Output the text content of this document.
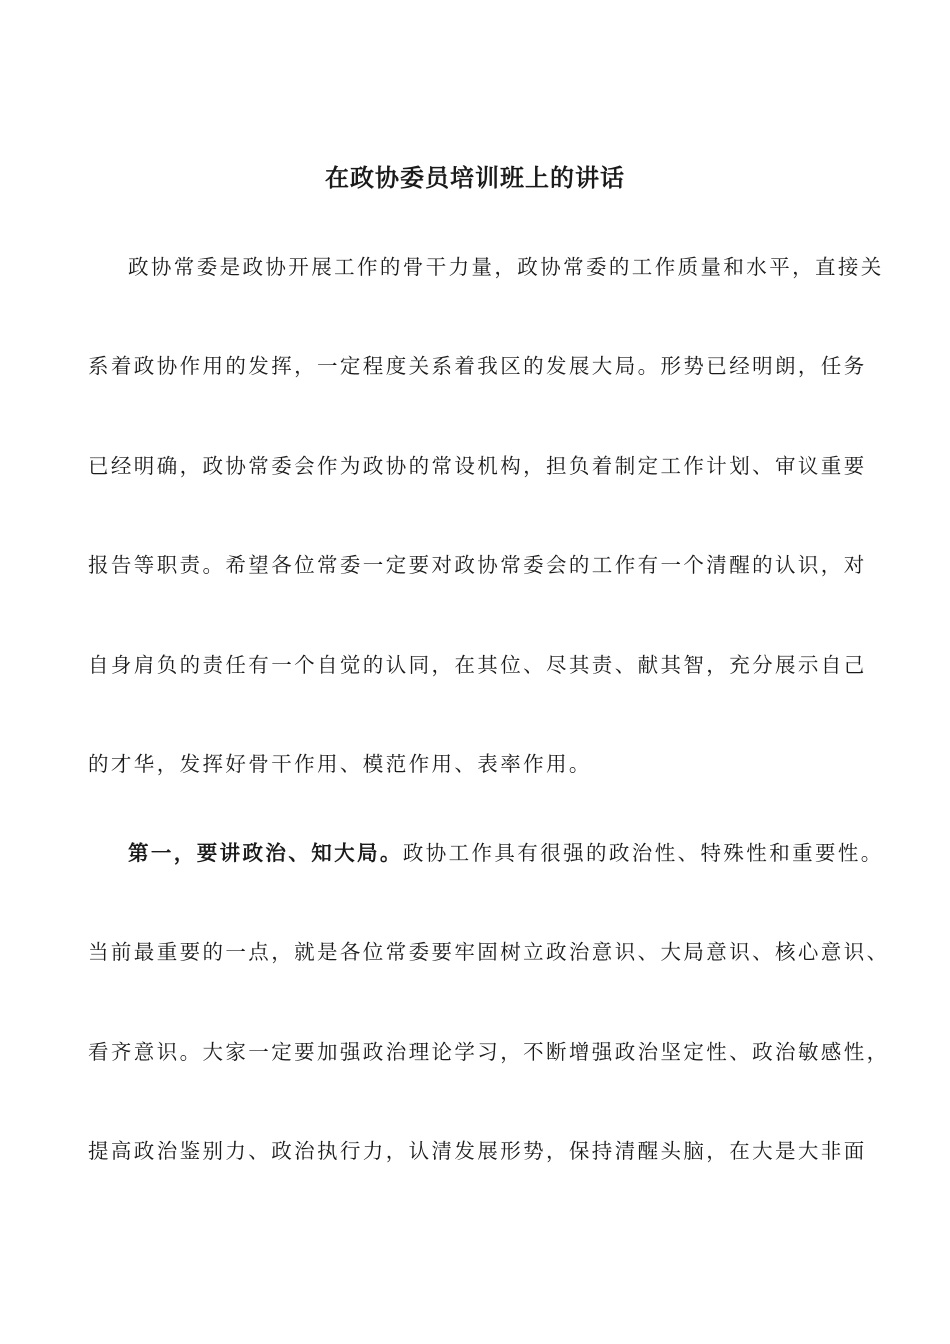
在政协委员培训班上的讲话
政协常委是政协开展工作的骨干力量，政协常委的工作质量和水平，直接关
系着政协作用的发挥，一定程度关系着我区的发展大局。形势已经明朗，任务
已经明确，政协常委会作为政协的常设机构，担负着制定工作计划、审议重要
报告等职责。希望各位常委一定要对政协常委会的工作有一个清醒的认识，对
自身肩负的责任有一个自觉的认同，在其位、尽其责、献其智，充分展示自己
的才华，发挥好骨干作用、模范作用、表率作用。
第一，要讲政治、知大局。政协工作具有很强的政治性、特殊性和重要性。
当前最重要的一点，就是各位常委要牢固树立政治意识、大局意识、核心意识、
看齐意识。大家一定要加强政治理论学习，不断增强政治坚定性、政治敏感性，
提高政治鉴别力、政治执行力，认清发展形势，保持清醒头脑，在大是大非面
